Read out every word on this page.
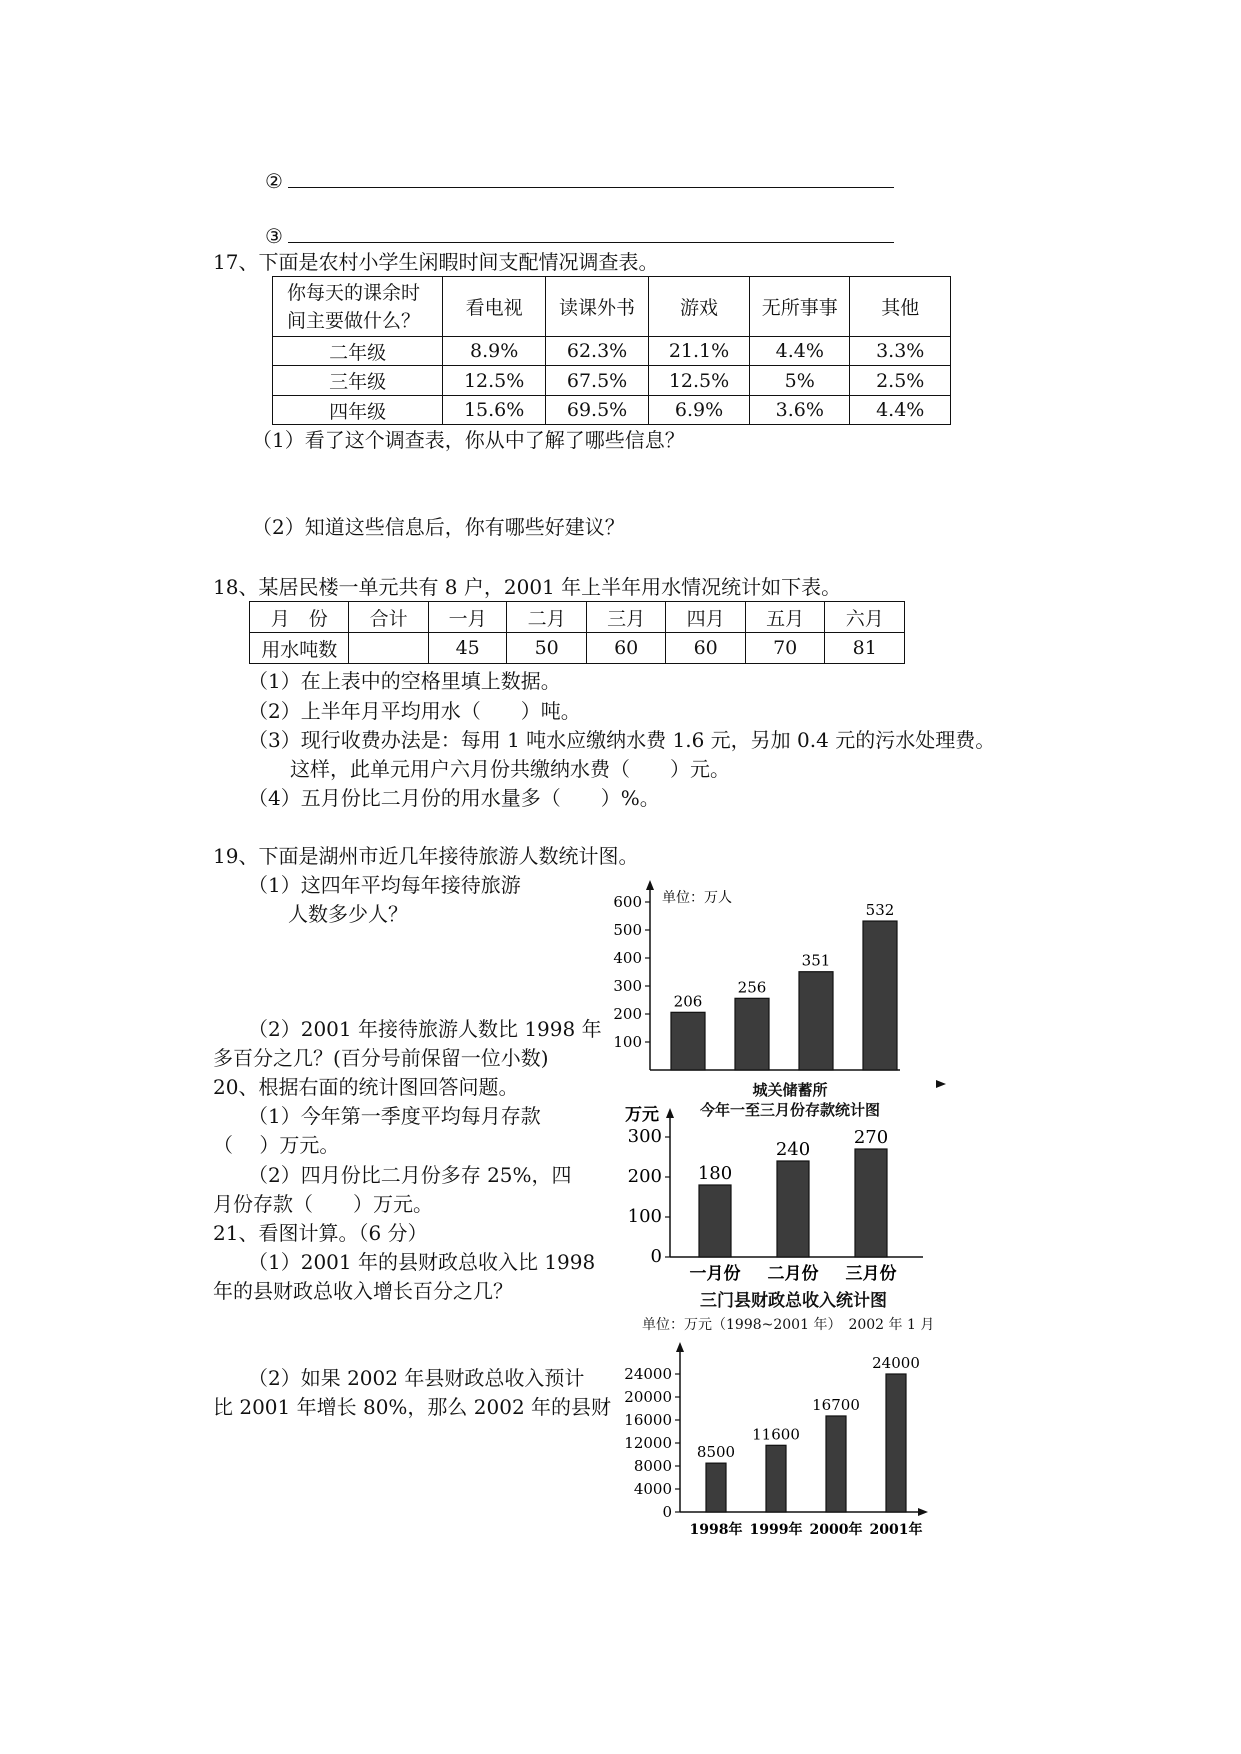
②
③
17、下面是农村小学生闲暇时间支配情况调查表。
你每天的课余时
间主要做什么？	看电视	读课外书	游戏	无所事事	其他
二年级	8.9%	62.3%	21.1%	4.4%	3.3%
三年级	12.5%	67.5%	12.5%	5%	2.5%
四年级	15.6%	69.5%	6.9%	3.6%	4.4%
（1）看了这个调查表，你从中了解了哪些信息？
（2）知道这些信息后，你有哪些好建议？
18、某居民楼一单元共有 8 户，2001 年上半年用水情况统计如下表。
月　份	合计	一月	二月	三月	四月	五月	六月
用水吨数		45	50	60	60	70	81
（1）在上表中的空格里填上数据。
（2）上半年月平均用水（　　）吨。
（3）现行收费办法是：每用 1 吨水应缴纳水费 1.6 元，另加 0.4 元的污水处理费。
这样，此单元用户六月份共缴纳水费（　　）元。
（4）五月份比二月份的用水量多（　　）%。
19、下面是湖州市近几年接待旅游人数统计图。
（1）这四年平均每年接待旅游
人数多少人？
（2）2001 年接待旅游人数比 1998 年
多百分之几？(百分号前保留一位小数)
20、根据右面的统计图回答问题。
（1）今年第一季度平均每月存款
（　 ）万元。
（2）四月份比二月份多存 25%，四
月份存款（　　）万元。
21、看图计算。（6 分）
（1）2001 年的县财政总收入比 1998
年的县财政总收入增长百分之几？
（2）如果 2002 年县财政总收入预计
比 2001 年增长 80%，那么 2002 年的县财
单位：万人
100
200
300
400
500
600
206
256
351
532
城关储蓄所
今年一至三月份存款统计图
万元
0
100
200
300
180
240
270
一月份 二月份 三月份
三门县财政总收入统计图
单位：万元（1998~2001 年）　2002 年 1 月
0
4000
8000
12000
16000
20000
24000
8500
11600
16700
24000
1998年 1999年 2000年 2001年
